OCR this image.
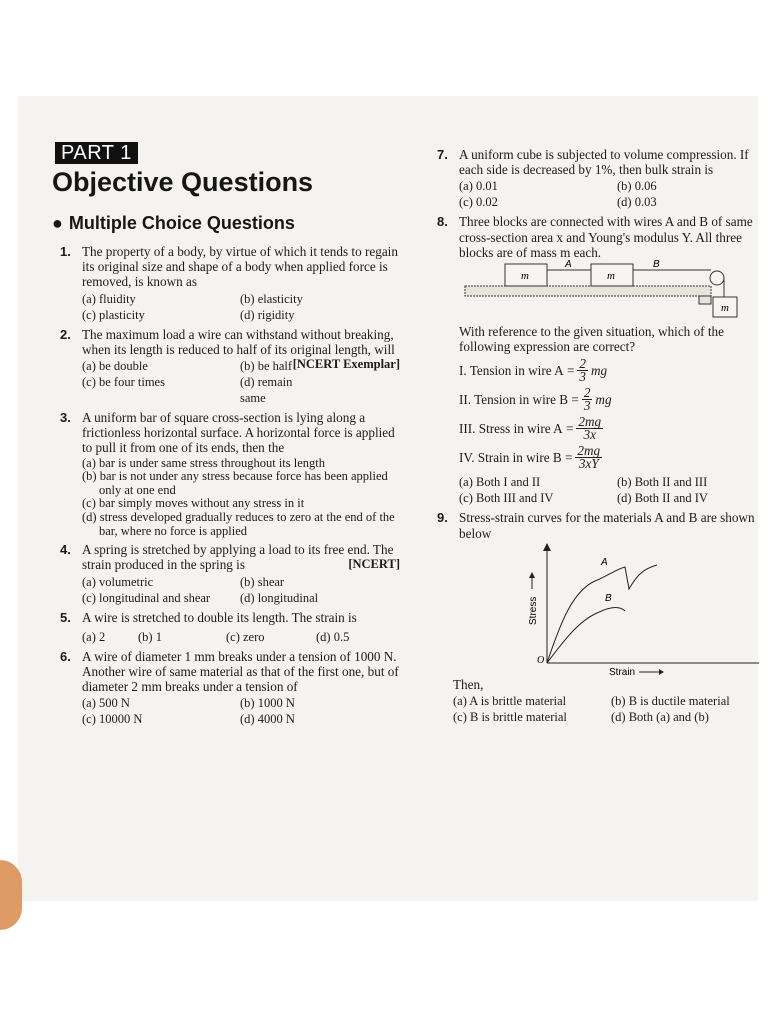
PART 1
Objective Questions
● Multiple Choice Questions
1. The property of a body, by virtue of which it tends to regain its original size and shape of a body when applied force is removed, is known as
(a) fluidity	(b) elasticity
(c) plasticity	(d) rigidity
2. The maximum load a wire can withstand without breaking, when its length is reduced to half of its original length, will
[NCERT Exemplar]
(a) be double	(b) be half
(c) be four times	(d) remain same
3. A uniform bar of square cross-section is lying along a frictionless horizontal surface. A horizontal force is applied to pull it from one of its ends, then the
(a) bar is under same stress throughout its length
(b) bar is not under any stress because force has been applied only at one end
(c) bar simply moves without any stress in it
(d) stress developed gradually reduces to zero at the end of the bar, where no force is applied
4. A spring is stretched by applying a load to its free end. The strain produced in the spring is	[NCERT]
(a) volumetric	(b) shear
(c) longitudinal and shear	(d) longitudinal
5. A wire is stretched to double its length. The strain is
(a) 2	(b) 1	(c) zero	(d) 0.5
6. A wire of diameter 1 mm breaks under a tension of 1000 N. Another wire of same material as that of the first one, but of diameter 2 mm breaks under a tension of
(a) 500 N	(b) 1000 N
(c) 10000 N	(d) 4000 N
7. A uniform cube is subjected to volume compression. If each side is decreased by 1%, then bulk strain is
(a) 0.01	(b) 0.06
(c) 0.02	(d) 0.03
8. Three blocks are connected with wires A and B of same cross-section area x and Young's modulus Y. All three blocks are of mass m each.
m	m
m
A	B
With reference to the given situation, which of the following expression are correct?
I. Tension in wire $A = \frac{2}{3}$ mg
II. Tension in wire $B = \frac{2}{3}$ mg
III. Stress in wire $A = \frac{2mg}{3x}$
IV. Strain in wire $B = \frac{2mg}{3xY}$
(a) Both I and II	(b) Both II and III
(c) Both III and IV	(d) Both II and IV
9. Stress-strain curves for the materials A and B are shown below
A
B
O
Strain
Stress
Then,
(a) A is brittle material	(b) B is ductile material
(c) B is brittle material	(d) Both (a) and (b)
